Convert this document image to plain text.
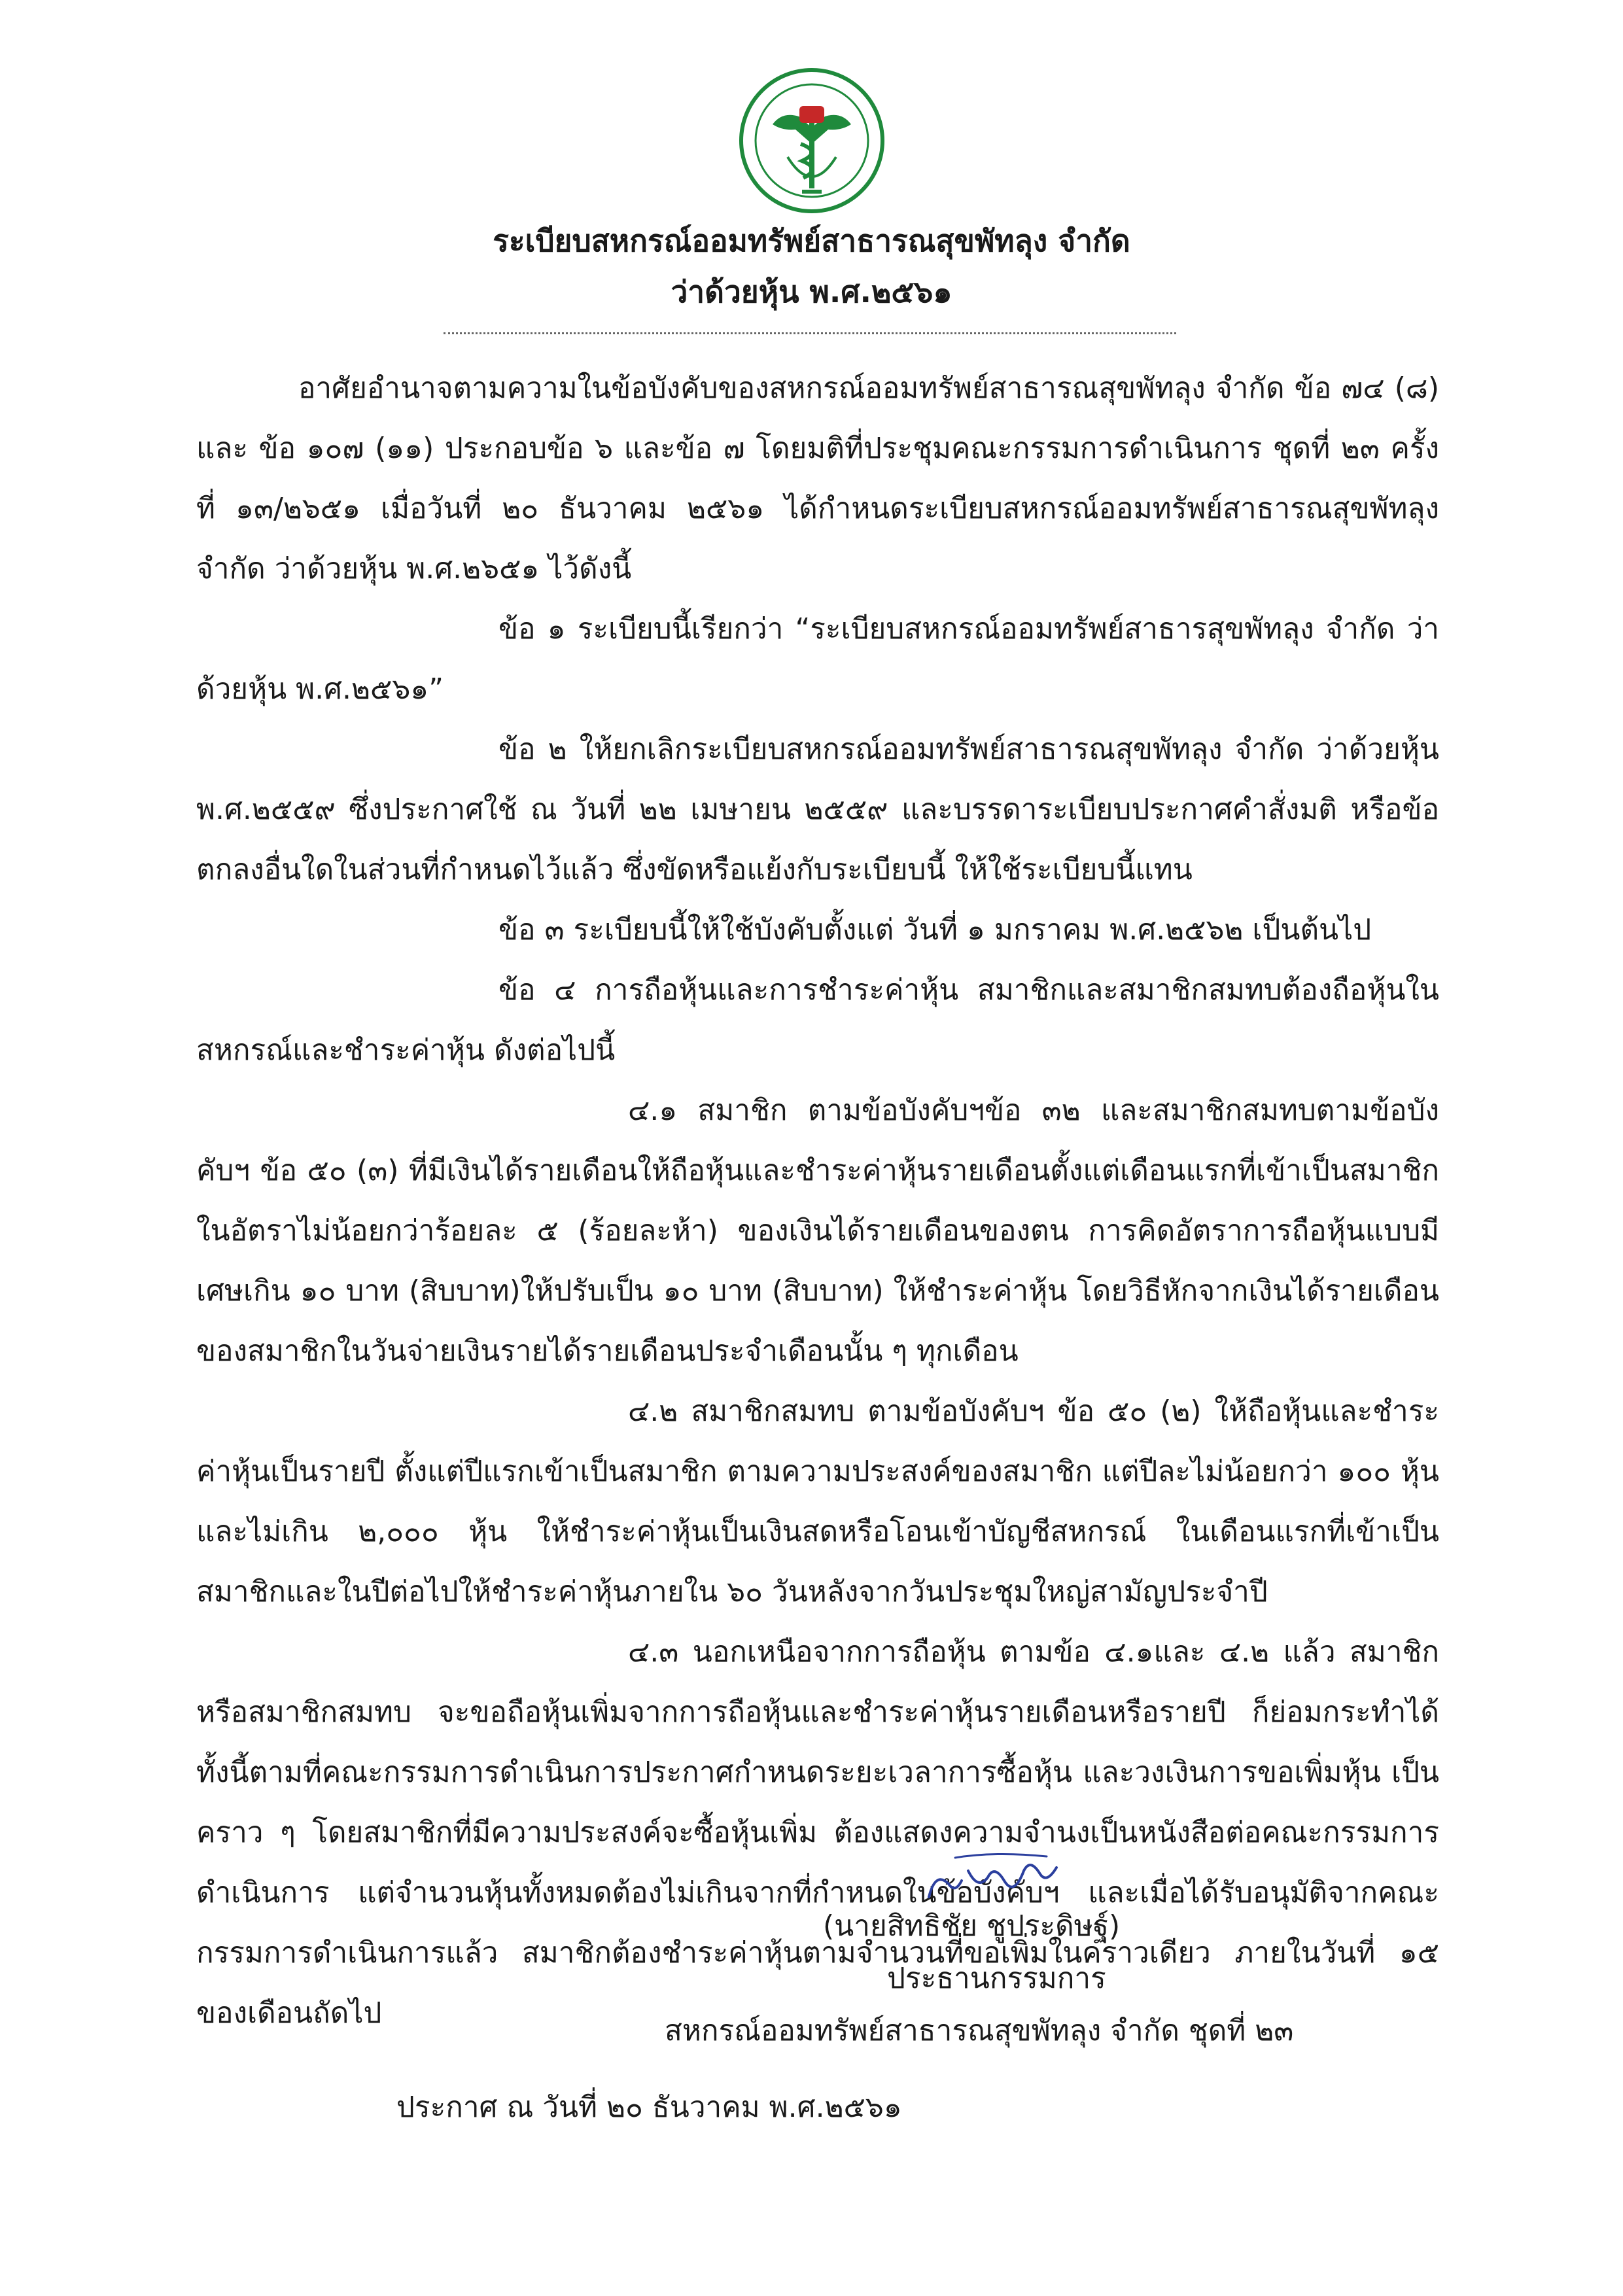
ระเบียบสหกรณ์ออมทรัพย์สาธารณสุขพัทลุง จำกัด
ว่าด้วยหุ้น พ.ศ.๒๕๖๑

อาศัยอำนาจตามความในข้อบังคับของสหกรณ์ออมทรัพย์สาธารณสุขพัทลุง จำกัด ข้อ ๗๔ (๘) และ ข้อ ๑๐๗ (๑๑) ประกอบข้อ ๖ และข้อ ๗ โดยมติที่ประชุมคณะกรรมการดำเนินการ ชุดที่ ๒๓ ครั้งที่ ๑๓/๒๖๕๑ เมื่อวันที่ ๒๐ ธันวาคม ๒๕๖๑ ได้กำหนดระเบียบสหกรณ์ออมทรัพย์สาธารณสุขพัทลุง จำกัด ว่าด้วยหุ้น พ.ศ.๒๖๕๑ ไว้ดังนี้

ข้อ ๑ ระเบียบนี้เรียกว่า “ระเบียบสหกรณ์ออมทรัพย์สาธารสุขพัทลุง จำกัด ว่าด้วยหุ้น พ.ศ.๒๕๖๑”

ข้อ ๒ ให้ยกเลิกระเบียบสหกรณ์ออมทรัพย์สาธารณสุขพัทลุง จำกัด ว่าด้วยหุ้น พ.ศ.๒๕๕๙ ซึ่งประกาศใช้ ณ วันที่ ๒๒ เมษายน ๒๕๕๙ และบรรดาระเบียบประกาศคำสั่งมติ หรือข้อตกลงอื่นใดในส่วนที่กำหนดไว้แล้ว ซึ่งขัดหรือแย้งกับระเบียบนี้ ให้ใช้ระเบียบนี้แทน

ข้อ ๓ ระเบียบนี้ให้ใช้บังคับตั้งแต่ วันที่ ๑ มกราคม พ.ศ.๒๕๖๒ เป็นต้นไป

ข้อ ๔ การถือหุ้นและการชำระค่าหุ้น สมาชิกและสมาชิกสมทบต้องถือหุ้นในสหกรณ์และชำระค่าหุ้น ดังต่อไปนี้

๔.๑ สมาชิก ตามข้อบังคับฯข้อ ๓๒ และสมาชิกสมทบตามข้อบังคับฯ ข้อ ๕๐ (๓) ที่มีเงินได้รายเดือนให้ถือหุ้นและชำระค่าหุ้นรายเดือนตั้งแต่เดือนแรกที่เข้าเป็นสมาชิก ในอัตราไม่น้อยกว่าร้อยละ ๕ (ร้อยละห้า) ของเงินได้รายเดือนของตน การคิดอัตราการถือหุ้นแบบมีเศษเกิน ๑๐ บาท (สิบบาท)ให้ปรับเป็น ๑๐ บาท (สิบบาท) ให้ชำระค่าหุ้น โดยวิธีหักจากเงินได้รายเดือนของสมาชิกในวันจ่ายเงินรายได้รายเดือนประจำเดือนนั้น ๆ ทุกเดือน

๔.๒ สมาชิกสมทบ ตามข้อบังคับฯ ข้อ ๕๐ (๒) ให้ถือหุ้นและชำระค่าหุ้นเป็นรายปี ตั้งแต่ปีแรกเข้าเป็นสมาชิก ตามความประสงค์ของสมาชิก แต่ปีละไม่น้อยกว่า ๑๐๐ หุ้น และไม่เกิน ๒,๐๐๐ หุ้น ให้ชำระค่าหุ้นเป็นเงินสดหรือโอนเข้าบัญชีสหกรณ์ ในเดือนแรกที่เข้าเป็นสมาชิกและในปีต่อไปให้ชำระค่าหุ้นภายใน ๖๐ วันหลังจากวันประชุมใหญ่สามัญประจำปี

๔.๓ นอกเหนือจากการถือหุ้น ตามข้อ ๔.๑และ ๔.๒ แล้ว สมาชิกหรือสมาชิกสมทบ จะขอถือหุ้นเพิ่มจากการถือหุ้นและชำระค่าหุ้นรายเดือนหรือรายปี ก็ย่อมกระทำได้ ทั้งนี้ตามที่คณะกรรมการดำเนินการประกาศกำหนดระยะเวลาการซื้อหุ้น และวงเงินการขอเพิ่มหุ้น เป็นคราว ๆ โดยสมาชิกที่มีความประสงค์จะซื้อหุ้นเพิ่ม ต้องแสดงความจำนงเป็นหนังสือต่อคณะกรรมการดำเนินการ แต่จำนวนหุ้นทั้งหมดต้องไม่เกินจากที่กำหนดในข้อบังคับฯ และเมื่อได้รับอนุมัติจากคณะกรรมการดำเนินการแล้ว สมาชิกต้องชำระค่าหุ้นตามจำนวนที่ขอเพิ่มในคราวเดียว ภายในวันที่ ๑๕ ของเดือนถัดไป

ประกาศ ณ วันที่ ๒๐ ธันวาคม พ.ศ.๒๕๖๑

(นายสิทธิชัย ชูประดิษฐ์)
ประธานกรรมการ
สหกรณ์ออมทรัพย์สาธารณสุขพัทลุง จำกัด ชุดที่ ๒๓
